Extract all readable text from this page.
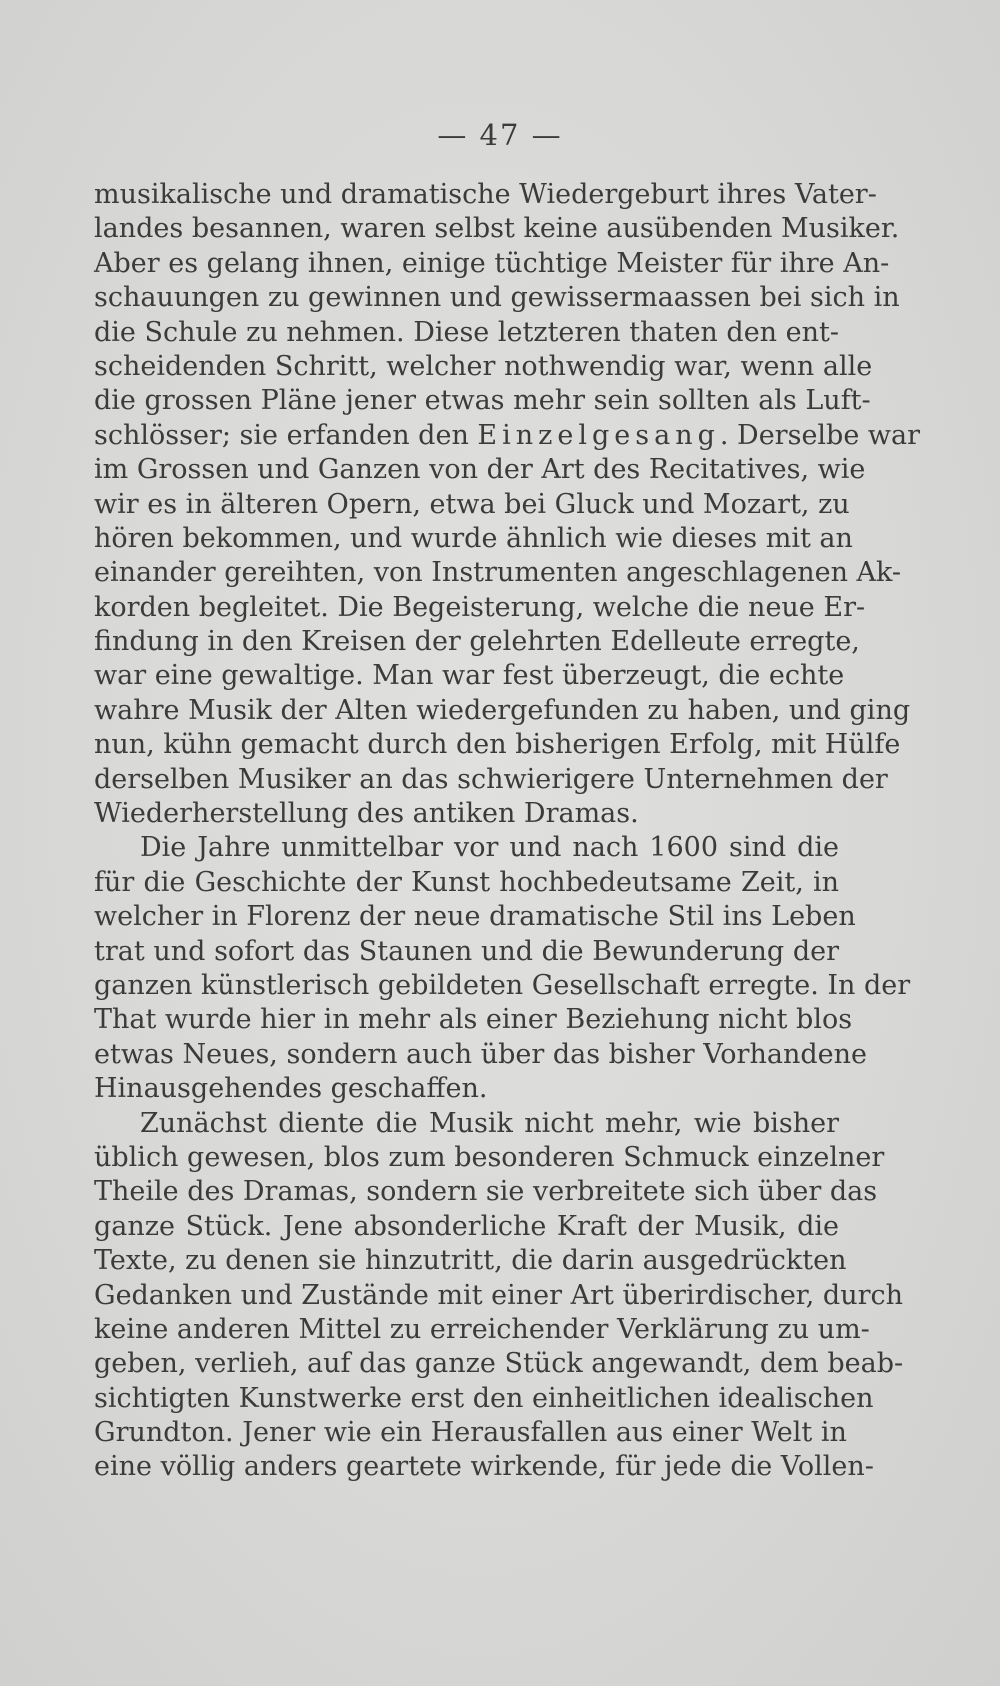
— 47 —
musikalische und dramatische Wiedergeburt ihres Vater-
landes besannen, waren selbst keine ausübenden Musiker.
Aber es gelang ihnen, einige tüchtige Meister für ihre An-
schauungen zu gewinnen und gewissermaassen bei sich in
die Schule zu nehmen. Diese letzteren thaten den ent-
scheidenden Schritt, welcher nothwendig war, wenn alle
die grossen Pläne jener etwas mehr sein sollten als Luft-
schlösser; sie erfanden den Einzelgesang. Derselbe war
im Grossen und Ganzen von der Art des Recitatives, wie
wir es in älteren Opern, etwa bei Gluck und Mozart, zu
hören bekommen, und wurde ähnlich wie dieses mit an
einander gereihten, von Instrumenten angeschlagenen Ak-
korden begleitet. Die Begeisterung, welche die neue Er-
findung in den Kreisen der gelehrten Edelleute erregte,
war eine gewaltige. Man war fest überzeugt, die echte
wahre Musik der Alten wiedergefunden zu haben, und ging
nun, kühn gemacht durch den bisherigen Erfolg, mit Hülfe
derselben Musiker an das schwierigere Unternehmen der
Wiederherstellung des antiken Dramas.
Die Jahre unmittelbar vor und nach 1600 sind die
für die Geschichte der Kunst hochbedeutsame Zeit, in
welcher in Florenz der neue dramatische Stil ins Leben
trat und sofort das Staunen und die Bewunderung der
ganzen künstlerisch gebildeten Gesellschaft erregte. In der
That wurde hier in mehr als einer Beziehung nicht blos
etwas Neues, sondern auch über das bisher Vorhandene
Hinausgehendes geschaffen.
Zunächst diente die Musik nicht mehr, wie bisher
üblich gewesen, blos zum besonderen Schmuck einzelner
Theile des Dramas, sondern sie verbreitete sich über das
ganze Stück. Jene absonderliche Kraft der Musik, die
Texte, zu denen sie hinzutritt, die darin ausgedrückten
Gedanken und Zustände mit einer Art überirdischer, durch
keine anderen Mittel zu erreichender Verklärung zu um-
geben, verlieh, auf das ganze Stück angewandt, dem beab-
sichtigten Kunstwerke erst den einheitlichen idealischen
Grundton. Jener wie ein Herausfallen aus einer Welt in
eine völlig anders geartete wirkende, für jede die Vollen-
